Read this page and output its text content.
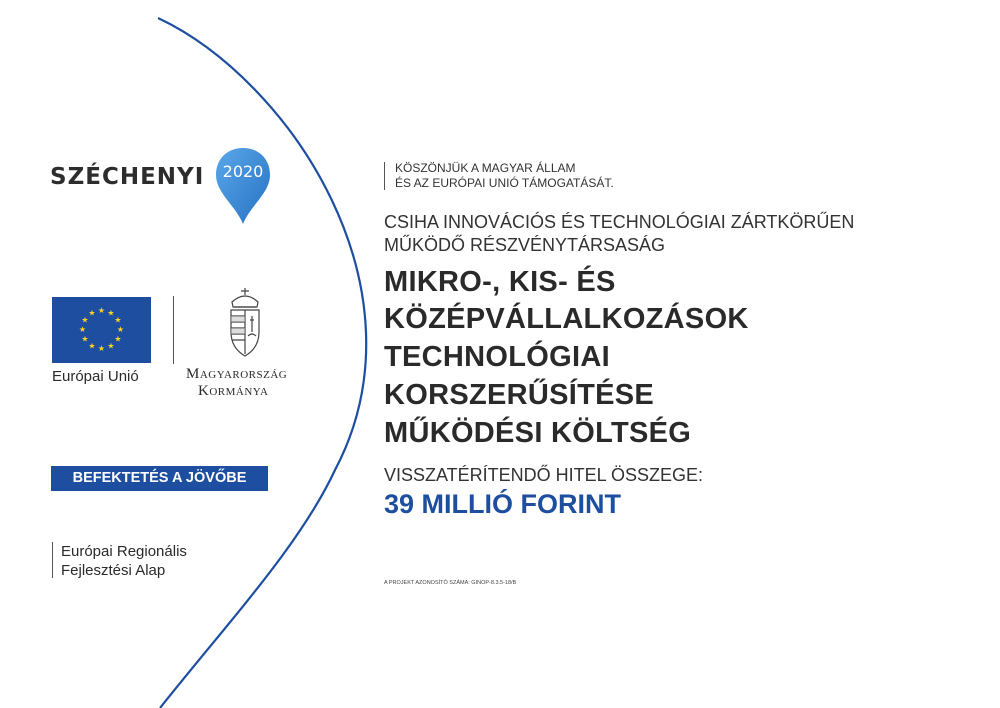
SZÉCHENYI	2020
★ ★
★
★
★
★
★
★
★
★
★
★
Európai Unió	Magyarország
Kormánya
BEFEKTETÉS A JÖVŐBE
Európai Regionális
Fejlesztési Alap
KÖSZÖNJÜK A MAGYAR ÁLLAM
ÉS AZ EURÓPAI UNIÓ TÁMOGATÁSÁT.
CSIHA INNOVÁCIÓS ÉS TECHNOLÓGIAI ZÁRTKÖRŰEN
MŰKÖDŐ RÉSZVÉNYTÁRSASÁG
MIKRO-, KIS- ÉS
KÖZÉPVÁLLALKOZÁSOK
TECHNOLÓGIAI
KORSZERŰSÍTÉSE
MŰKÖDÉSI KÖLTSÉG
VISSZATÉRÍTENDŐ HITEL ÖSSZEGE:
39 MILLIÓ FORINT
A PROJEKT AZONOSÍTÓ SZÁMA: GINOP-8.3.5-18/B
